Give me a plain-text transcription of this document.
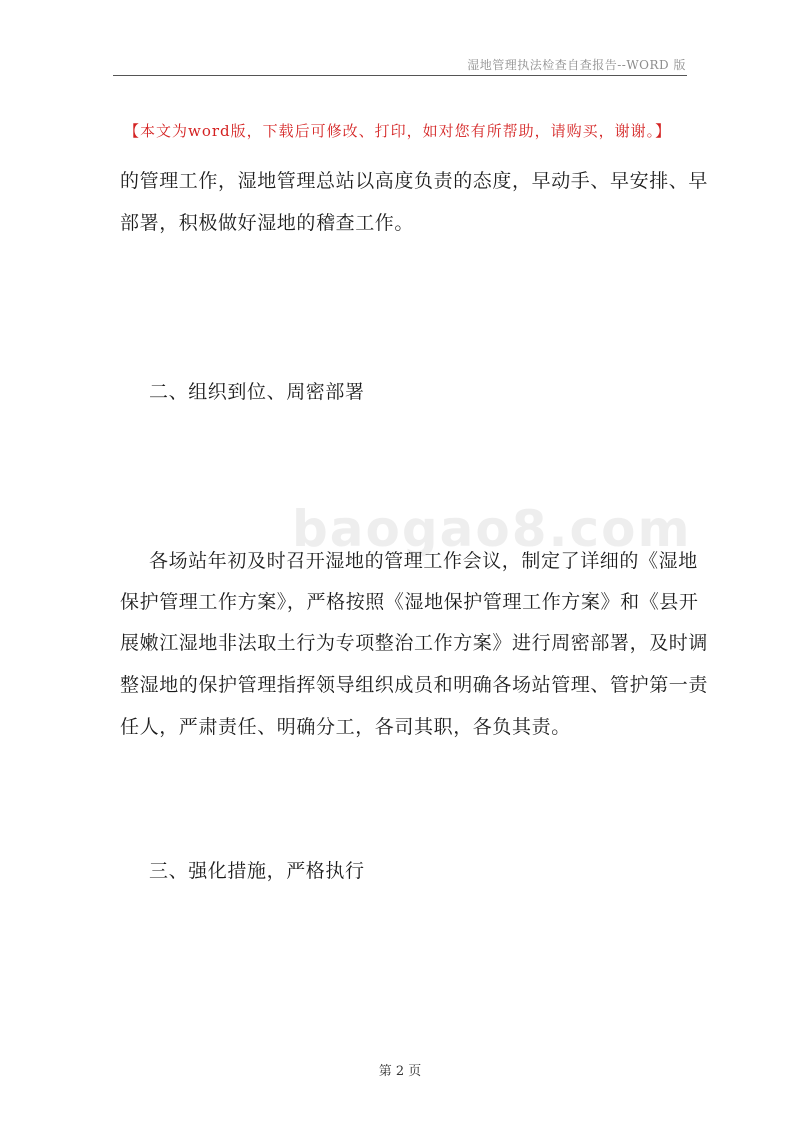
湿地管理执法检查自查报告--WORD 版
【本文为word版，下载后可修改、打印，如对您有所帮助，请购买，谢谢。】
的管理工作，湿地管理总站以高度负责的态度，早动手、早安排、早
部署，积极做好湿地的稽查工作。
二、组织到位、周密部署
baogao8.com
各场站年初及时召开湿地的管理工作会议，制定了详细的《湿地
保护管理工作方案》，严格按照《湿地保护管理工作方案》和《县开
展嫩江湿地非法取土行为专项整治工作方案》进行周密部署，及时调
整湿地的保护管理指挥领导组织成员和明确各场站管理、管护第一责
任人，严肃责任、明确分工，各司其职，各负其责。
三、强化措施，严格执行
第 2 页
